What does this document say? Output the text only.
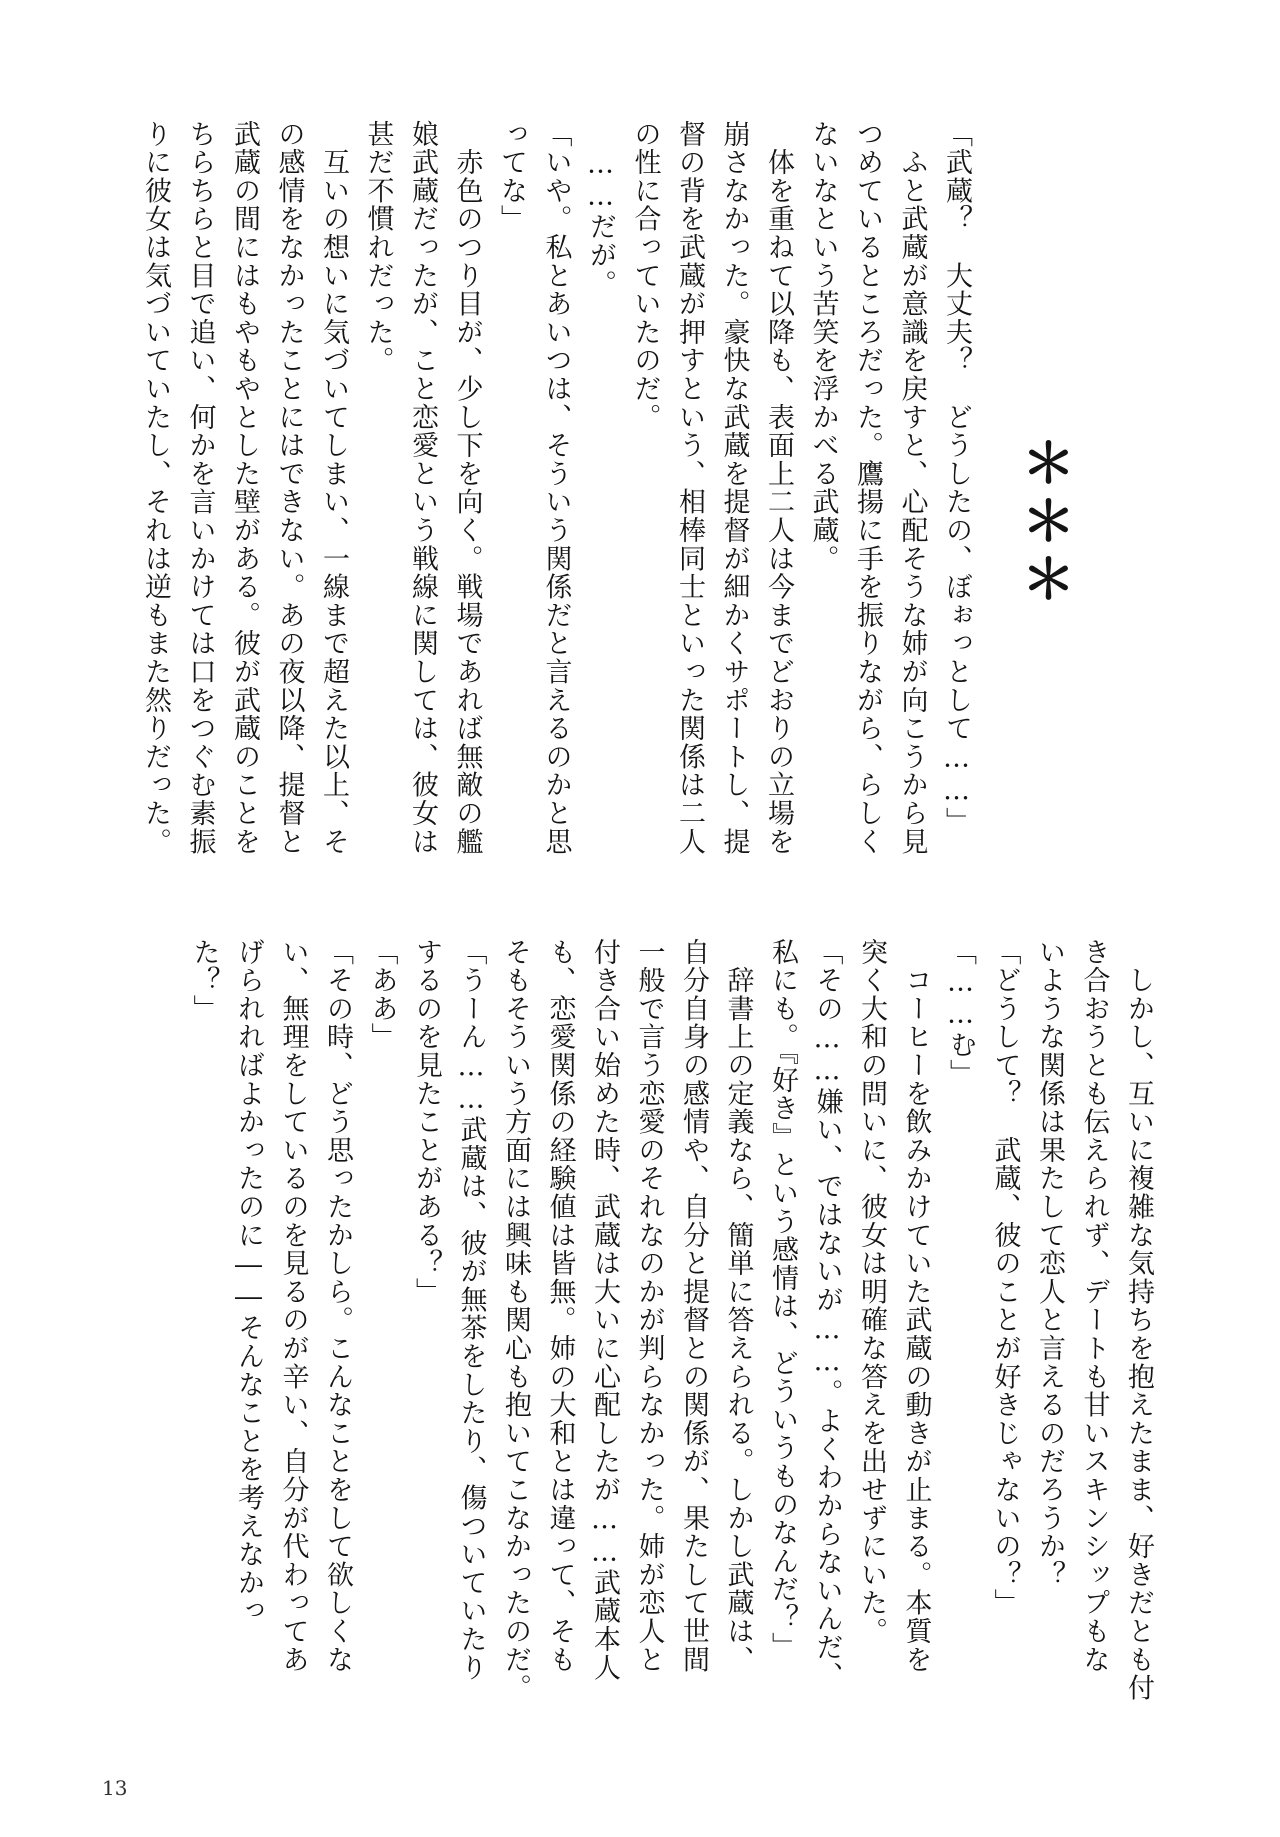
＊＊＊
「武蔵？　大丈夫？　どうしたの、ぼぉっとして……」
　ふと武蔵が意識を戻すと、心配そうな姉が向こうから見
つめているところだった。鷹揚に手を振りながら、らしく
ないなという苦笑を浮かべる武蔵。
　体を重ねて以降も、表面上二人は今までどおりの立場を
崩さなかった。豪快な武蔵を提督が細かくサポートし、提
督の背を武蔵が押すという、相棒同士といった関係は二人
の性に合っていたのだ。
　……だが。
「いや。私とあいつは、そういう関係だと言えるのかと思
ってな」
　赤色のつり目が、少し下を向く。戦場であれば無敵の艦
娘武蔵だったが、こと恋愛という戦線に関しては、彼女は
甚だ不慣れだった。
　互いの想いに気づいてしまい、一線まで超えた以上、そ
の感情をなかったことにはできない。あの夜以降、提督と
武蔵の間にはもやもやとした壁がある。彼が武蔵のことを
ちらちらと目で追い、何かを言いかけては口をつぐむ素振
りに彼女は気づいていたし、それは逆もまた然りだった。
　しかし、互いに複雑な気持ちを抱えたまま、好きだとも付
き合おうとも伝えられず、デートも甘いスキンシップもな
いような関係は果たして恋人と言えるのだろうか？
「どうして？　武蔵、彼のことが好きじゃないの？」
「……む」
　コーヒーを飲みかけていた武蔵の動きが止まる。本質を
突く大和の問いに、彼女は明確な答えを出せずにいた。
「その……嫌い、ではないが……。よくわからないんだ、
私にも。『好き』という感情は、どういうものなんだ？」
　辞書上の定義なら、簡単に答えられる。しかし武蔵は、
自分自身の感情や、自分と提督との関係が、果たして世間
一般で言う恋愛のそれなのかが判らなかった。姉が恋人と
付き合い始めた時、武蔵は大いに心配したが……武蔵本人
も、恋愛関係の経験値は皆無。姉の大和とは違って、そも
そもそういう方面には興味も関心も抱いてこなかったのだ。
「うーん……武蔵は、彼が無茶をしたり、傷ついていたり
するのを見たことがある？」
「ああ」
「その時、どう思ったかしら。こんなことをして欲しくな
い、無理をしているのを見るのが辛い、自分が代わってあ
げられればよかったのに――そんなことを考えなかっ
た？」
13
